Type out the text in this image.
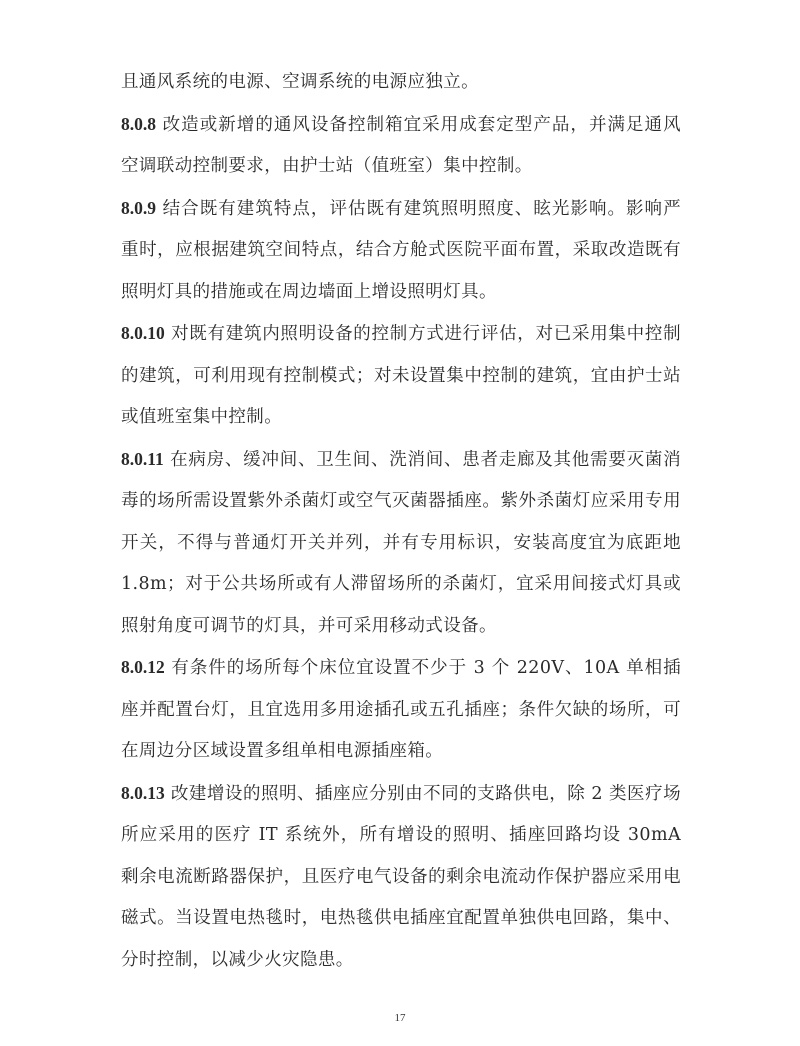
且通风系统的电源、空调系统的电源应独立。

8.0.8 改造或新增的通风设备控制箱宜采用成套定型产品，并满足通风空调联动控制要求，由护士站（值班室）集中控制。

8.0.9 结合既有建筑特点，评估既有建筑照明照度、眩光影响。影响严重时，应根据建筑空间特点，结合方舱式医院平面布置，采取改造既有照明灯具的措施或在周边墙面上增设照明灯具。

8.0.10 对既有建筑内照明设备的控制方式进行评估，对已采用集中控制的建筑，可利用现有控制模式；对未设置集中控制的建筑，宜由护士站或值班室集中控制。

8.0.11 在病房、缓冲间、卫生间、洗消间、患者走廊及其他需要灭菌消毒的场所需设置紫外杀菌灯或空气灭菌器插座。紫外杀菌灯应采用专用开关，不得与普通灯开关并列，并有专用标识，安装高度宜为底距地 1.8m；对于公共场所或有人滞留场所的杀菌灯，宜采用间接式灯具或照射角度可调节的灯具，并可采用移动式设备。

8.0.12 有条件的场所每个床位宜设置不少于 3 个 220V、10A 单相插座并配置台灯，且宜选用多用途插孔或五孔插座；条件欠缺的场所，可在周边分区域设置多组单相电源插座箱。

8.0.13 改建增设的照明、插座应分别由不同的支路供电，除 2 类医疗场所应采用的医疗 IT 系统外，所有增设的照明、插座回路均设 30mA 剩余电流断路器保护，且医疗电气设备的剩余电流动作保护器应采用电磁式。当设置电热毯时，电热毯供电插座宜配置单独供电回路，集中、分时控制，以减少火灾隐患。

17
